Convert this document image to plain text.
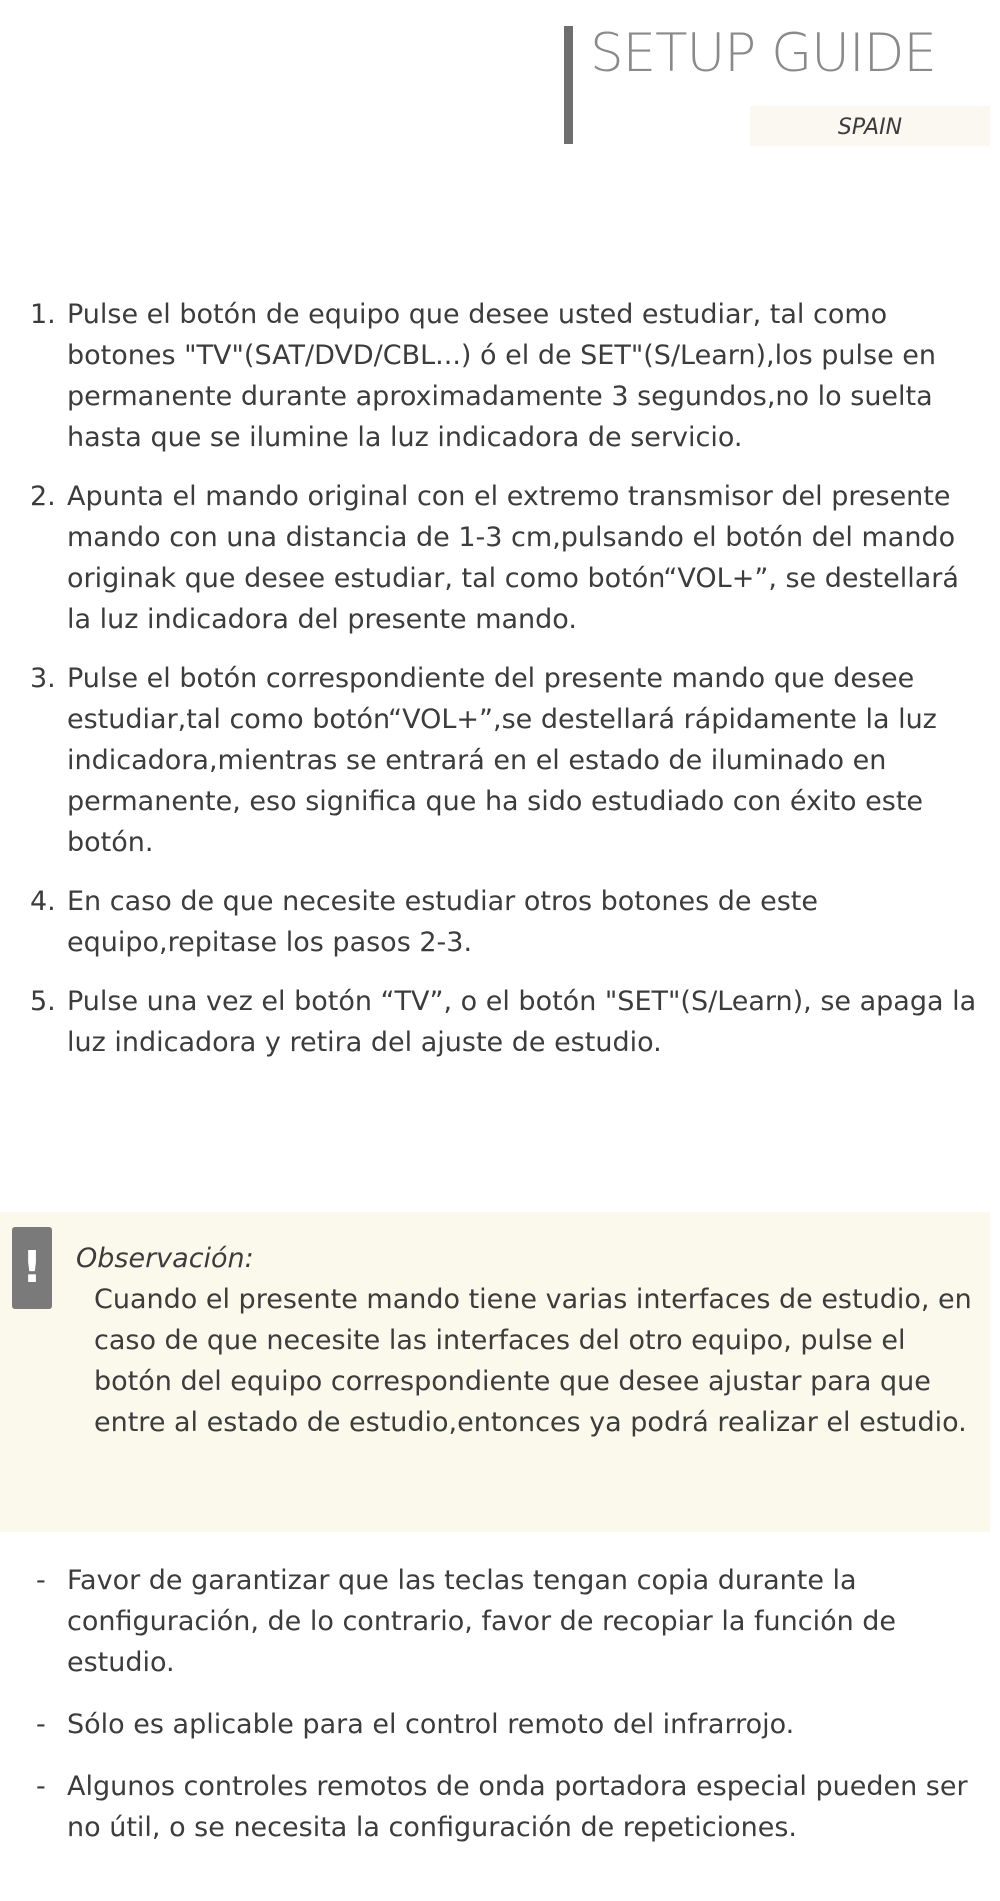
SETUP GUIDE
SPAIN
1. Pulse el botón de equipo que desee usted estudiar, tal como botones "TV"(SAT/DVD/CBL...) ó el de SET"(S/Learn),los pulse en permanente durante aproximadamente 3 segundos,no lo suelta hasta que se ilumine la luz indicadora de servicio.
2. Apunta el mando original con el extremo transmisor del presente mando con una distancia de 1-3 cm,pulsando el botón del mando originak que desee estudiar, tal como botón“VOL+”, se destellará la luz indicadora del presente mando.
3. Pulse el botón correspondiente del presente mando que desee estudiar,tal como botón“VOL+”,se destellará rápidamente la luz indicadora,mientras se entrará en el estado de iluminado en permanente, eso significa que ha sido estudiado con éxito este botón.
4. En caso de que necesite estudiar otros botones de este equipo,repitase los pasos 2-3.
5. Pulse una vez el botón “TV”, o el botón "SET"(S/Learn), se apaga la luz indicadora y retira del ajuste de estudio.
!	Observación:
Cuando el presente mando tiene varias interfaces de estudio, en caso de que necesite las interfaces del otro equipo, pulse el botón del equipo correspondiente que desee ajustar para que entre al estado de estudio,entonces ya podrá realizar el estudio.
- Favor de garantizar que las teclas tengan copia durante la configuración, de lo contrario, favor de recopiar la función de estudio.
- Sólo es aplicable para el control remoto del infrarrojo.
- Algunos controles remotos de onda portadora especial pueden ser no útil, o se necesita la configuración de repeticiones.
